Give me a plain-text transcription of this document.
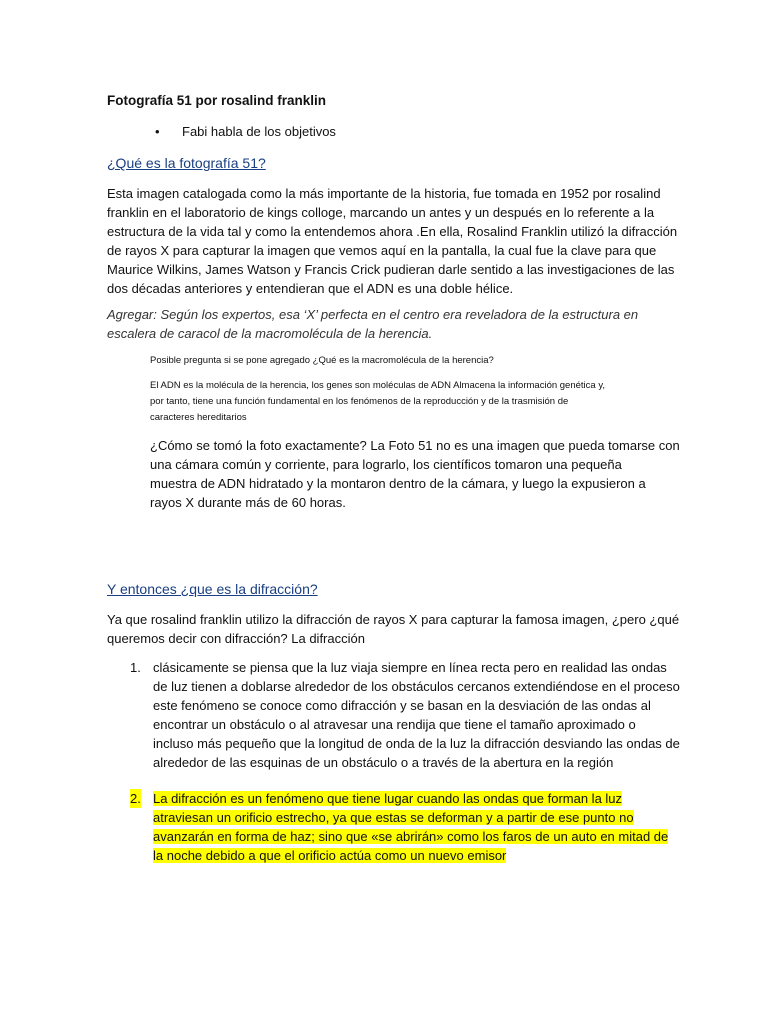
Fotografía 51 por rosalind franklin
• Fabi habla de los objetivos
¿Qué es la fotografía 51?
Esta imagen catalogada como la más importante de la historia, fue tomada en 1952 por rosalind
franklin en el laboratorio de kings colloge, marcando un antes y un después en lo referente a la
estructura de la vida tal y como la entendemos ahora .En ella, Rosalind Franklin utilizó la difracción
de rayos X para capturar la imagen que vemos aquí en la pantalla, la cual fue la clave para que
Maurice Wilkins, James Watson y Francis Crick pudieran darle sentido a las investigaciones de las
dos décadas anteriores y entendieran que el ADN es una doble hélice.
Agregar: Según los expertos, esa ‘X’ perfecta en el centro era reveladora de la estructura en
escalera de caracol de la macromolécula de la herencia.
Posible pregunta si se pone agregado ¿Qué es la macromolécula de la herencia?
El ADN es la molécula de la herencia, los genes son moléculas de ADN Almacena la información genética y,
por tanto, tiene una función fundamental en los fenómenos de la reproducción y de la trasmisión de
caracteres hereditarios
¿Cómo se tomó la foto exactamente? La Foto 51 no es una imagen que pueda tomarse con
una cámara común y corriente, para lograrlo, los científicos tomaron una pequeña
muestra de ADN hidratado y la montaron dentro de la cámara, y luego la expusieron a
rayos X durante más de 60 horas.
Y entonces ¿que es la difracción?
Ya que rosalind franklin utilizo la difracción de rayos X para capturar la famosa imagen, ¿pero ¿qué
queremos decir con difracción? La difracción
1. clásicamente se piensa que la luz viaja siempre en línea recta pero en realidad las ondas
de luz tienen a doblarse alrededor de los obstáculos cercanos extendiéndose en el proceso
este fenómeno se conoce como difracción y se basan en la desviación de las ondas al
encontrar un obstáculo o al atravesar una rendija que tiene el tamaño aproximado o
incluso más pequeño que la longitud de onda de la luz la difracción desviando las ondas de
alrededor de las esquinas de un obstáculo o a través de la abertura en la región
2. La difracción es un fenómeno que tiene lugar cuando las ondas que forman la luz
atraviesan un orificio estrecho, ya que estas se deforman y a partir de ese punto no
avanzarán en forma de haz; sino que «se abrirán» como los faros de un auto en mitad de
la noche debido a que el orificio actúa como un nuevo emisor
